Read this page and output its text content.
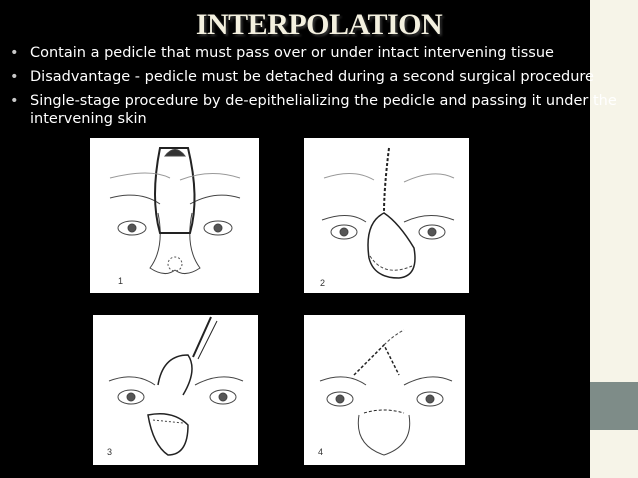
INTERPOLATION
• Contain a pedicle that must pass over or under intact intervening tissue
• Disadvantage - pedicle must be detached during a second surgical procedure
• Single-stage procedure by de-epithelializing the pedicle and passing it under the intervening skin
1	2
3	4
